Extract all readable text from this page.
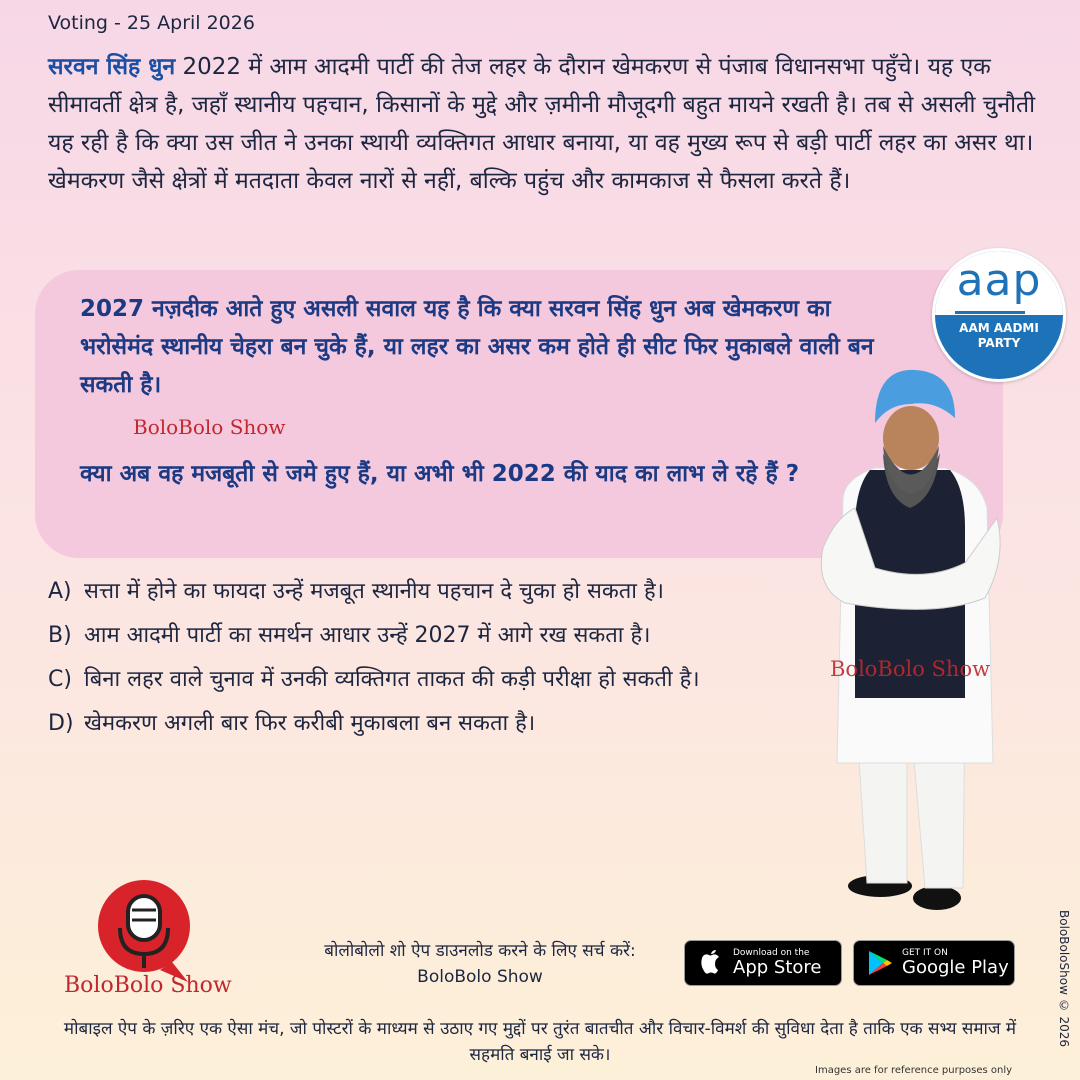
Voting - 25 April 2026
सरवन सिंह धुन 2022 में आम आदमी पार्टी की तेज लहर के दौरान खेमकरण से पंजाब विधानसभा पहुँचे। यह एक सीमावर्ती क्षेत्र है, जहाँ स्थानीय पहचान, किसानों के मुद्दे और ज़मीनी मौजूदगी बहुत मायने रखती है। तब से असली चुनौती यह रही है कि क्या उस जीत ने उनका स्थायी व्यक्तिगत आधार बनाया, या वह मुख्य रूप से बड़ी पार्टी लहर का असर था। खेमकरण जैसे क्षेत्रों में मतदाता केवल नारों से नहीं, बल्कि पहुंच और कामकाज से फैसला करते हैं।
2027 नज़दीक आते हुए असली सवाल यह है कि क्या सरवन सिंह धुन अब खेमकरण का भरोसेमंद स्थानीय चेहरा बन चुके हैं, या लहर का असर कम होते ही सीट फिर मुकाबले वाली बन सकती है।
BoloBolo Show
क्या अब वह मजबूती से जमे हुए हैं, या अभी भी 2022 की याद का लाभ ले रहे हैं ?
A) सत्ता में होने का फायदा उन्हें मजबूत स्थानीय पहचान दे चुका हो सकता है।
B) आम आदमी पार्टी का समर्थन आधार उन्हें 2027 में आगे रख सकता है।
C) बिना लहर वाले चुनाव में उनकी व्यक्तिगत ताकत की कड़ी परीक्षा हो सकती है।
D) खेमकरण अगली बार फिर करीबी मुकाबला बन सकता है।
aap
AAM AADMI
PARTY
BoloBolo Show
BoloBoloShow © 2026
BoloBolo Show
बोलोबोलो शो ऐप डाउनलोड करने के लिए सर्च करें:
BoloBolo Show
Download on the
App Store
GET IT ON
Google Play
मोबाइल ऐप के ज़रिए एक ऐसा मंच, जो पोस्टरों के माध्यम से उठाए गए मुद्दों पर तुरंत बातचीत और विचार-विमर्श की सुविधा देता है ताकि एक सभ्य समाज में सहमति बनाई जा सके।
Images are for reference purposes only
